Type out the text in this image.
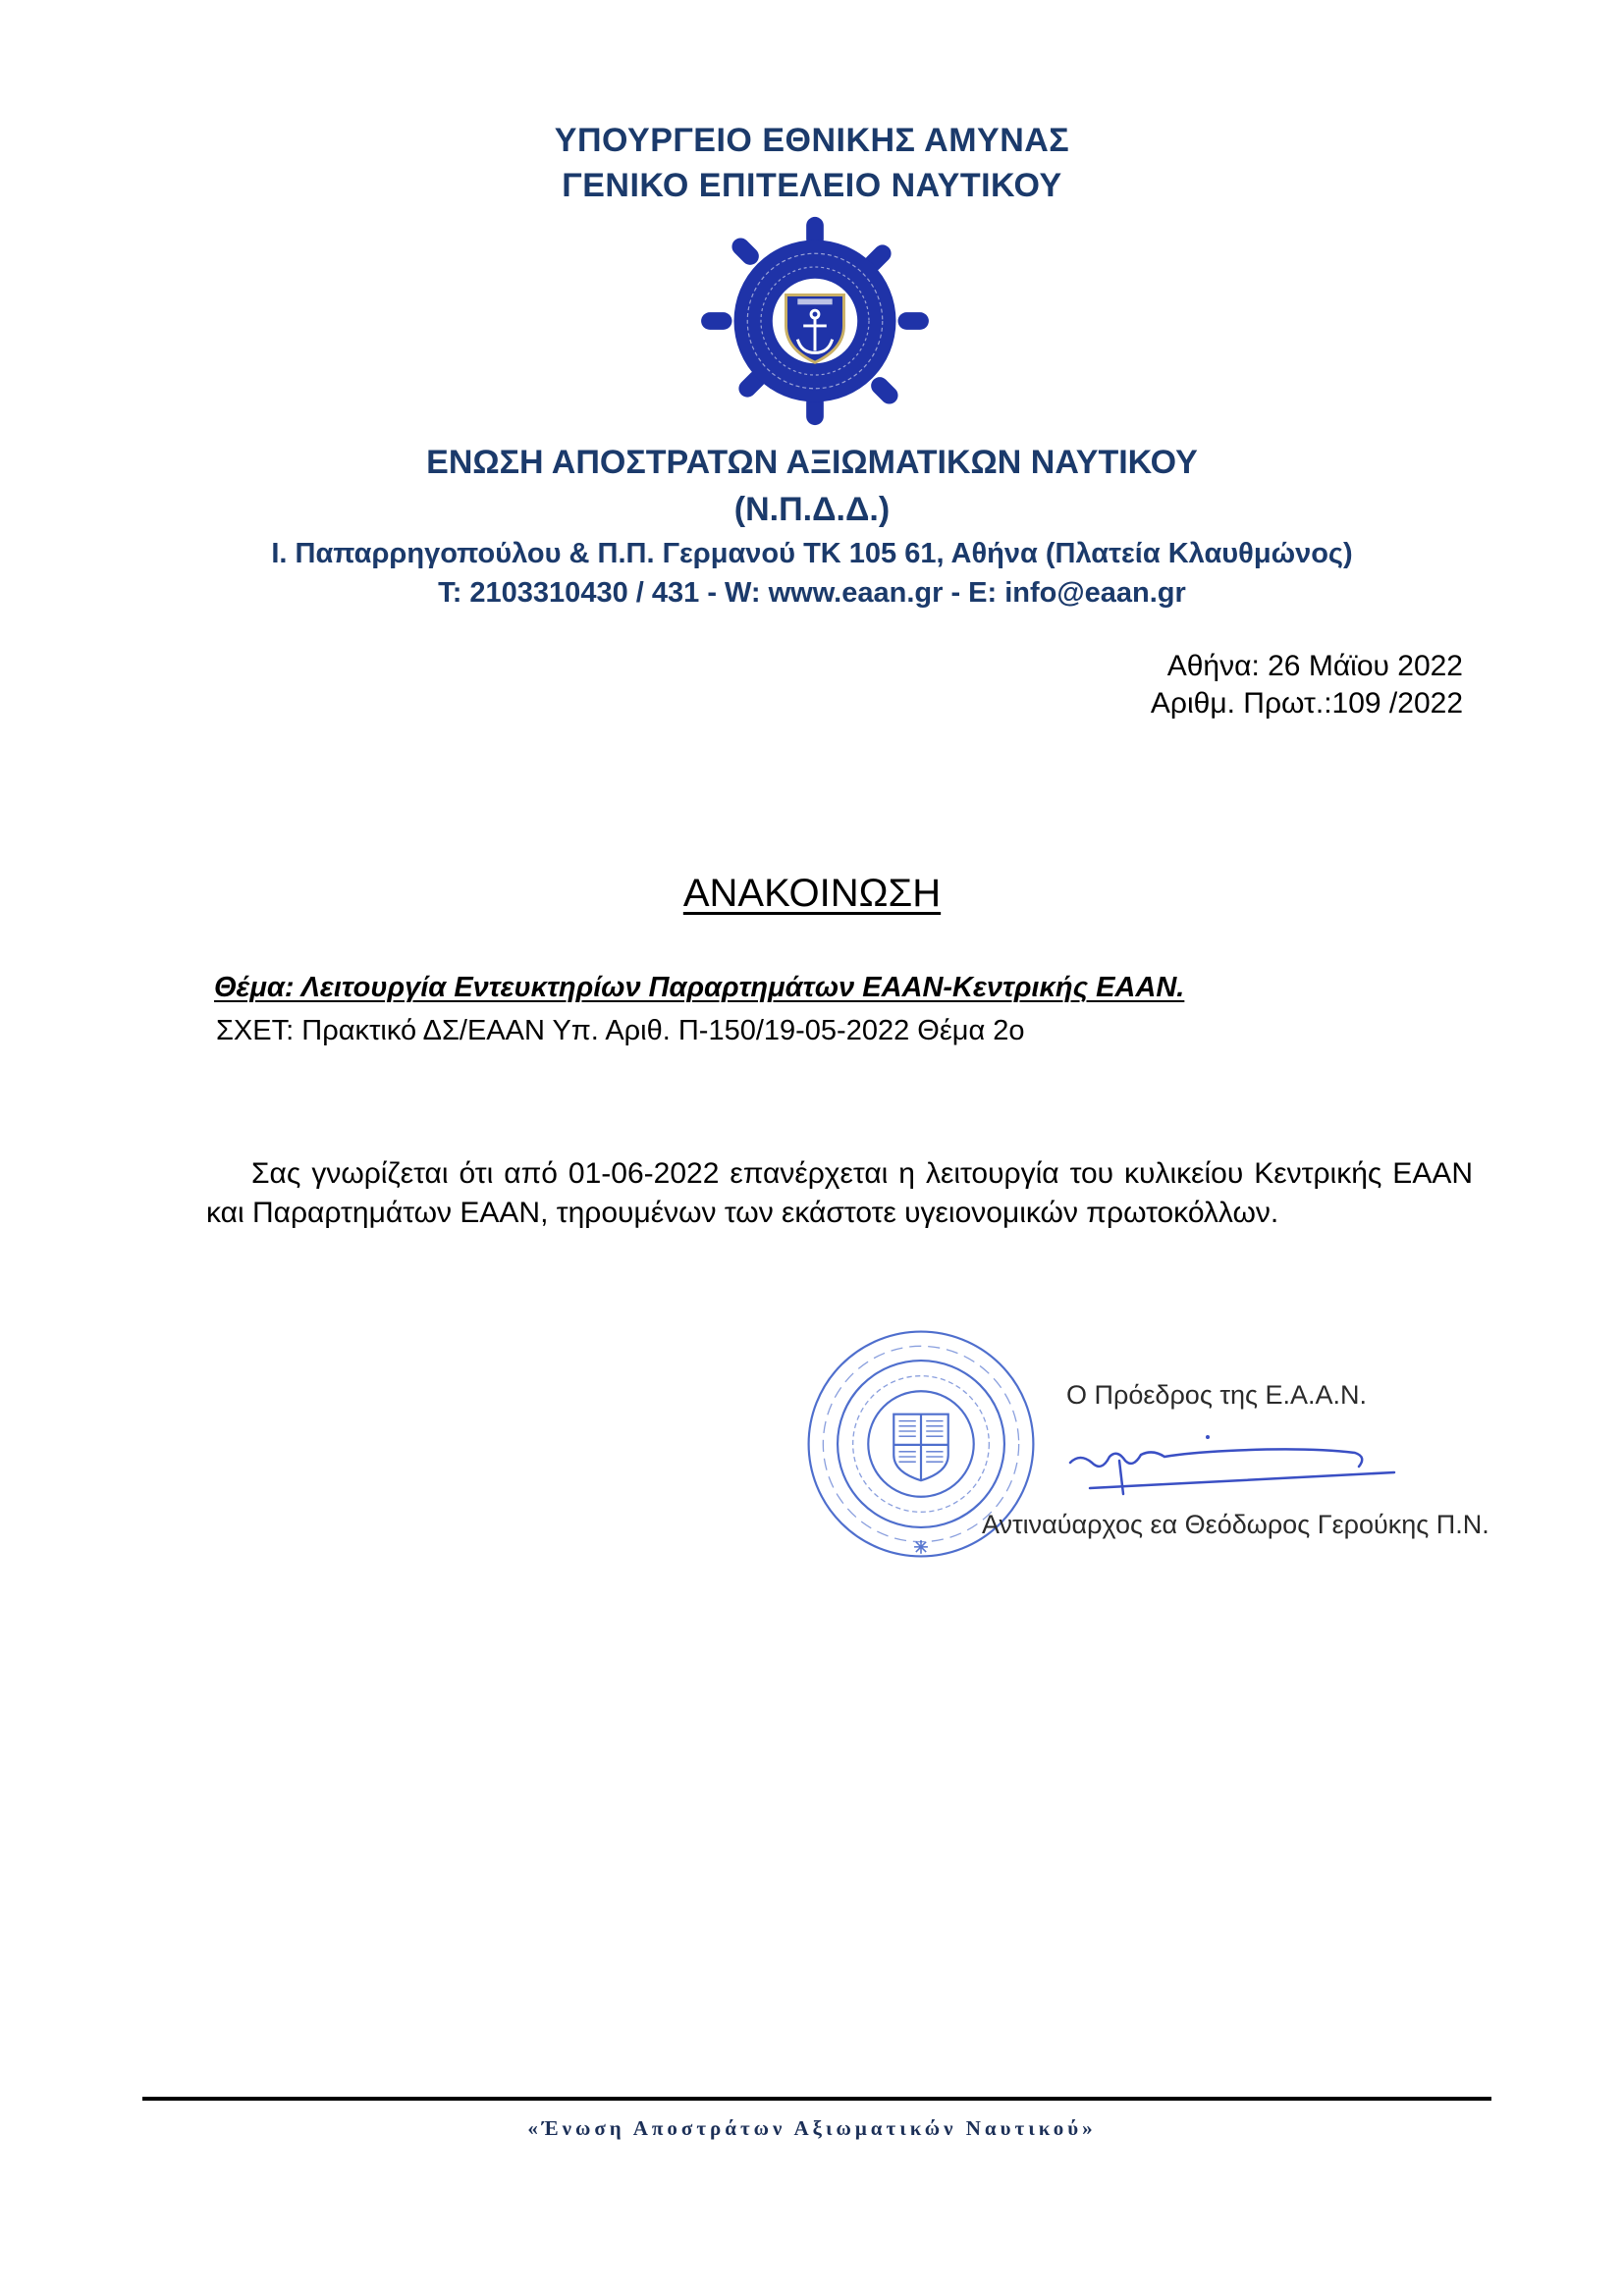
ΥΠΟΥΡΓΕΙΟ ΕΘΝΙΚΗΣ ΑΜΥΝΑΣ
ΓΕΝΙΚΟ ΕΠΙΤΕΛΕΙΟ ΝΑΥΤΙΚΟΥ
ΕΝΩΣΗ ΑΠΟΣΤΡΑΤΩΝ ΑΞΙΩΜΑΤΙΚΩΝ ΝΑΥΤΙΚΟΥ
(Ν.Π.Δ.Δ.)
Ι. Παπαρρηγοπούλου & Π.Π. Γερμανού ΤΚ 105 61, Αθήνα (Πλατεία Κλαυθμώνος)
Τ: 2103310430 / 431 - W: www.eaan.gr - E: info@eaan.gr
Αθήνα: 26 Μάϊου 2022
Αριθμ. Πρωτ.:109 /2022
ΑΝΑΚΟΙΝΩΣΗ
Θέμα: Λειτουργία Εντευκτηρίων Παραρτημάτων ΕΑΑΝ-Κεντρικής ΕΑΑΝ.
ΣΧΕΤ: Πρακτικό ΔΣ/ΕΑΑΝ Υπ. Αριθ. Π-150/19-05-2022 Θέμα 2ο
Σας γνωρίζεται ότι από 01-06-2022 επανέρχεται η λειτουργία του κυλικείου Κεντρικής ΕΑΑΝ και Παραρτημάτων ΕΑΑΝ, τηρουμένων των εκάστοτε υγειονομικών πρωτοκόλλων.
Ο Πρόεδρος της Ε.Α.Α.Ν.
Αντιναύαρχος εα Θεόδωρος Γερούκης Π.Ν.
«Ένωση Αποστράτων Αξιωματικών Ναυτικού»
